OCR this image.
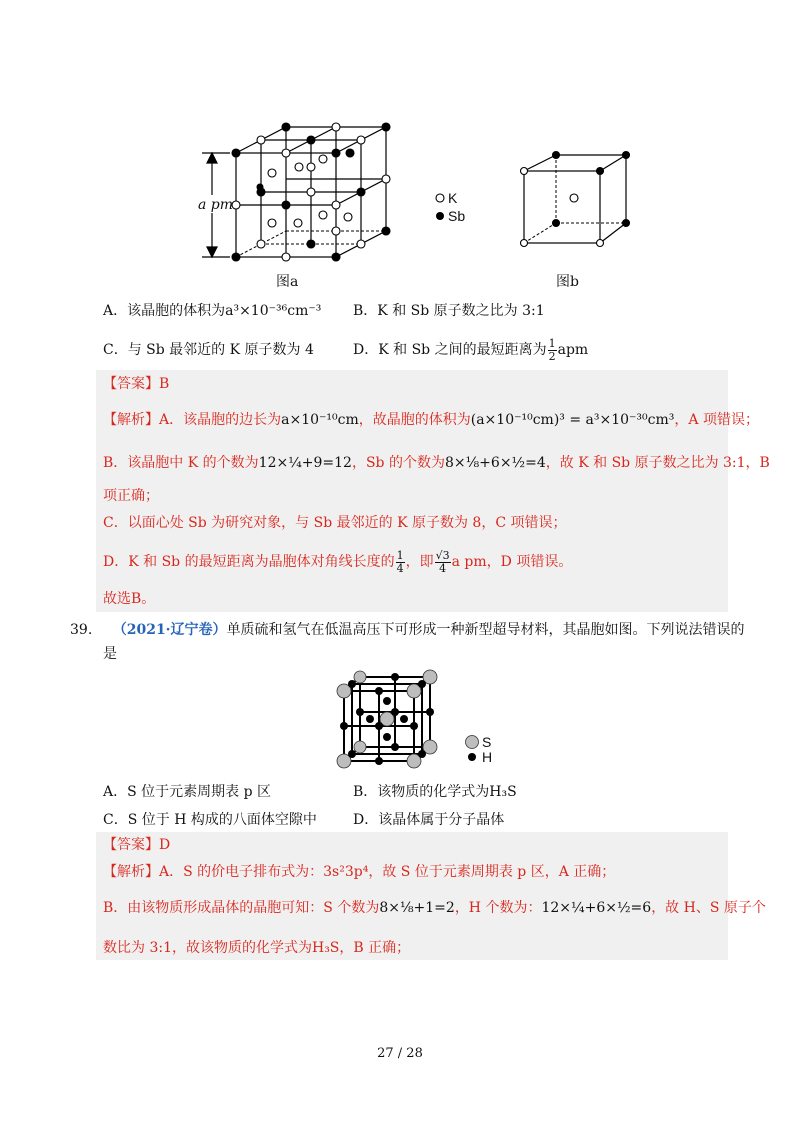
a pm	K
Sb
图a	图b
A．该晶胞的体积为a³×10⁻³⁶cm⁻³ B．K 和 Sb 原子数之比为 3:1
C．与 Sb 最邻近的 K 原子数为 4	D．K 和 Sb 之间的最短距离为 $\frac{1}{2}$ apm
【答案】B
【解析】A．该晶胞的边长为a×10⁻¹⁰cm，故晶胞的体积为(a×10⁻¹⁰cm)³ = a³×10⁻³⁰cm³，A 项错误；
B．该晶胞中 K 的个数为12×¼+9=12，Sb 的个数为8×⅛+6×½=4，故 K 和 Sb 原子数之比为 3:1，B
项正确；
C．以面心处 Sb 为研究对象，与 Sb 最邻近的 K 原子数为 8，C 项错误；
D．K 和 Sb 的最短距离为晶胞体对角线长度的 $\frac{1}{4}$ ，即 $\frac{√3}{4}$ a pm，D 项错误。
故选B。
39. （2021·辽宁卷）单质硫和氢气在低温高压下可形成一种新型超导材料，其晶胞如图。下列说法错误的
是
S
H
A．S 位于元素周期表 p 区	B．该物质的化学式为H₃S
C．S 位于 H 构成的八面体空隙中	D．该晶体属于分子晶体
【答案】D
【解析】A．S 的价电子排布式为：3s²3p⁴，故 S 位于元素周期表 p 区，A 正确；
B．由该物质形成晶体的晶胞可知：S 个数为8×⅛+1=2，H 个数为：12×¼+6×½=6，故 H、S 原子个
数比为 3:1，故该物质的化学式为H₃S，B 正确；
27 / 28
